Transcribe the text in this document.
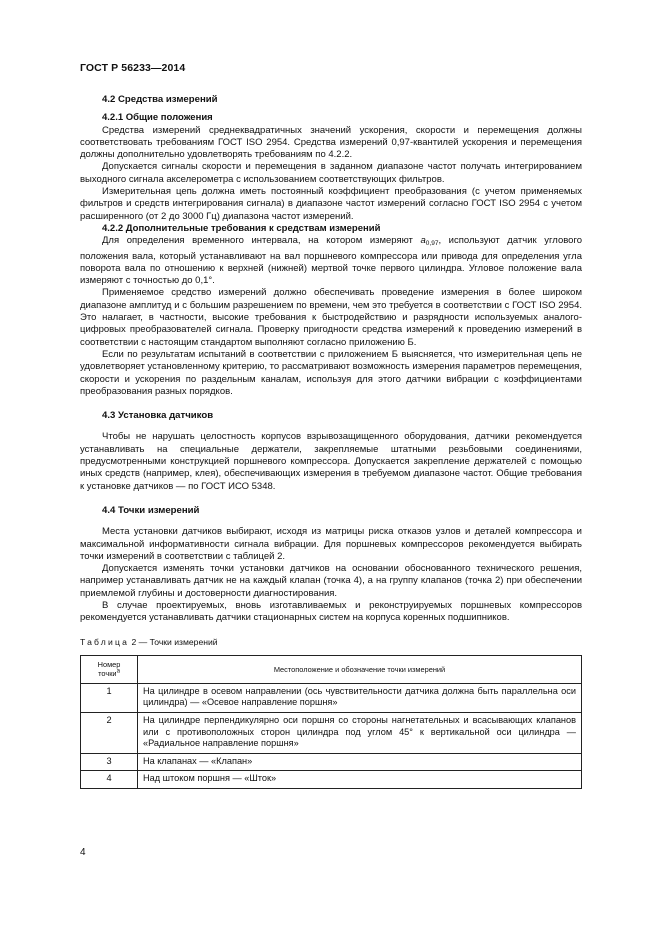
ГОСТ Р 56233—2014
4.2 Средства измерений
4.2.1 Общие положения

Средства измерений среднеквадратичных значений ускорения, скорости и перемещения должны соответствовать требованиям ГОСТ ISO 2954. Средства измерений 0,97-квантилей ускорения и перемещения должны дополнительно удовлетворять требованиям по 4.2.2.

Допускается сигналы скорости и перемещения в заданном диапазоне частот получать интегрированием выходного сигнала акселерометра с использованием соответствующих фильтров.

Измерительная цепь должна иметь постоянный коэффициент преобразования (с учетом применяемых фильтров и средств интегрирования сигнала) в диапазоне частот измерений согласно ГОСТ ISO 2954 с учетом расширенного (от 2 до 3000 Гц) диапазона частот измерений.

4.2.2 Дополнительные требования к средствам измерений

Для определения временного интервала, на котором измеряют $a_{0,97}$, используют датчик углового положения вала, который устанавливают на вал поршневого компрессора или привода для определения угла поворота вала по отношению к верхней (нижней) мертвой точке первого цилиндра. Угловое положение вала измеряют с точностью до 0,1°.

Применяемое средство измерений должно обеспечивать проведение измерения в более широком диапазоне амплитуд и с большим разрешением по времени, чем это требуется в соответствии с ГОСТ ISO 2954. Это налагает, в частности, высокие требования к быстродействию и разрядности используемых аналого-цифровых преобразователей сигнала. Проверку пригодности средства измерений к проведению измерений в соответствии с настоящим стандартом выполняют согласно приложению Б.

Если по результатам испытаний в соответствии с приложением Б выясняется, что измерительная цепь не удовлетворяет установленному критерию, то рассматривают возможность измерения параметров перемещения, скорости и ускорения по раздельным каналам, используя для этого датчики вибрации с коэффициентами преобразования разных порядков.

4.3 Установка датчиков

Чтобы не нарушать целостность корпусов взрывозащищенного оборудования, датчики рекомендуется устанавливать на специальные держатели, закрепляемые штатными резьбовыми соединениями, предусмотренными конструкцией поршневого компрессора. Допускается закрепление держателей с помощью иных средств (например, клея), обеспечивающих измерения в требуемом диапазоне частот. Общие требования к установке датчиков — по ГОСТ ИСО 5348.

4.4 Точки измерений

Места установки датчиков выбирают, исходя из матрицы риска отказов узлов и деталей компрессора и максимальной информативности сигнала вибрации. Для поршневых компрессоров рекомендуется выбирать точки измерений в соответствии с таблицей 2.

Допускается изменять точки установки датчиков на основании обоснованного технического решения, например устанавливать датчик не на каждый клапан (точка 4), а на группу клапанов (точка 2) при обеспечении приемлемой глубины и достоверности диагностирования.

В случае проектируемых, вновь изготавливаемых и реконструируемых поршневых компрессоров рекомендуется устанавливать датчики стационарных систем на корпуса коренных подшипников.

Таблица 2 — Точки измерений
Номер
точки$^а$	Местоположение и обозначение точки измерений
1	На цилиндре в осевом направлении (ось чувствительности датчика должна быть параллельна оси цилиндра) — «Осевое направление поршня»
2	На цилиндре перпендикулярно оси поршня со стороны нагнетательных и всасывающих клапанов или с противоположных сторон цилиндра под углом 45° к вертикальной оси цилиндра — «Радиальное направление поршня»
3	На клапанах — «Клапан»
4	Над штоком поршня — «Шток»
4
